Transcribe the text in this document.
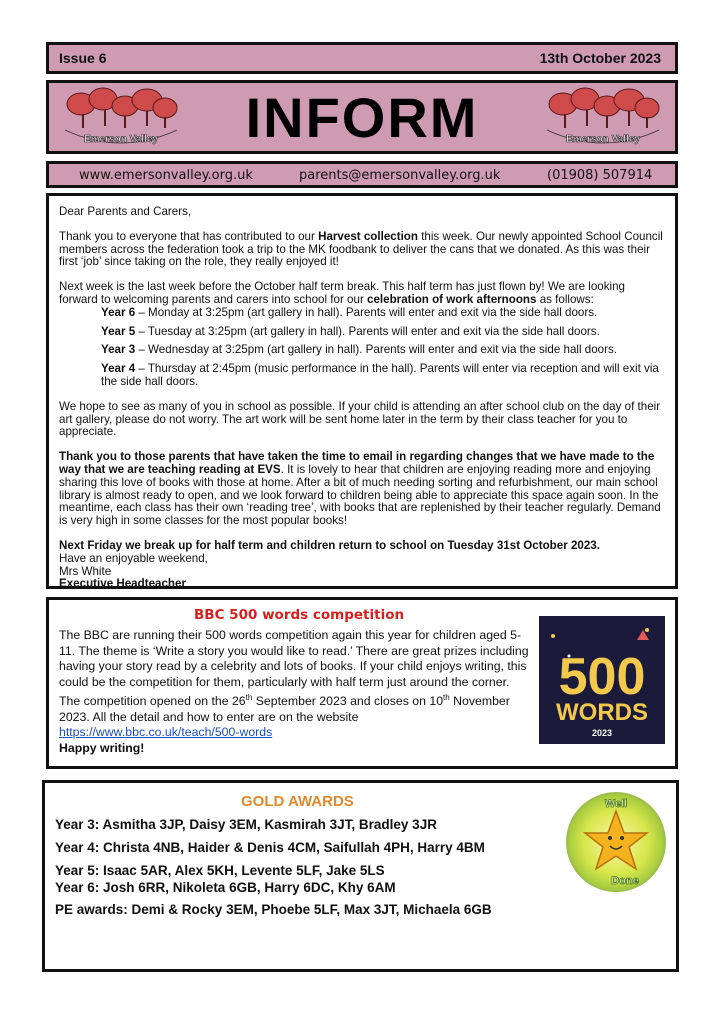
Issue 6	13th October 2023
Emerson Valley	INFORM	Emerson Valley
www.emersonvalley.org.uk	parents@emersonvalley.org.uk	(01908) 507914

Dear Parents and Carers,

Thank you to everyone that has contributed to our Harvest collection this week. Our newly appointed School Council members across the federation took a trip to the MK foodbank to deliver the cans that we donated. As this was their first ‘job’ since taking on the role, they really enjoyed it!

Next week is the last week before the October half term break. This half term has just flown by! We are looking forward to welcoming parents and carers into school for our celebration of work afternoons as follows:

Year 6 – Monday at 3:25pm (art gallery in hall). Parents will enter and exit via the side hall doors.

Year 5 – Tuesday at 3:25pm (art gallery in hall). Parents will enter and exit via the side hall doors.

Year 3 – Wednesday at 3:25pm (art gallery in hall). Parents will enter and exit via the side hall doors.

Year 4 – Thursday at 2:45pm (music performance in the hall). Parents will enter via reception and will exit via the side hall doors.

We hope to see as many of you in school as possible. If your child is attending an after school club on the day of their art gallery, please do not worry. The art work will be sent home later in the term by their class teacher for you to appreciate.

Thank you to those parents that have taken the time to email in regarding changes that we have made to the way that we are teaching reading at EVS. It is lovely to hear that children are enjoying reading more and enjoying sharing this love of books with those at home. After a bit of much needing sorting and refurbishment, our main school library is almost ready to open, and we look forward to children being able to appreciate this space again soon. In the meantime, each class has their own ‘reading tree’, with books that are replenished by their teacher regularly. Demand is very high in some classes for the most popular books!

Next Friday we break up for half term and children return to school on Tuesday 31st October 2023.

Have an enjoyable weekend,

Mrs White

Executive Headteacher

BBC 500 words competition
The BBC are running their 500 words competition again this year for children aged 5-11. The theme is ‘Write a story you would like to read.’ There are great prizes including having your story read by a celebrity and lots of books. If your child enjoys writing, this could be the competition for them, particularly with half term just around the corner. The competition opened on the 26th September 2023 and closes on 10th November 2023. All the detail and how to enter are on the website https://www.bbc.co.uk/teach/500-words
Happy writing!
500
WORDS
2023
GOLD AWARDS
Year 3: Asmitha 3JP, Daisy 3EM, Kasmirah 3JT, Bradley 3JR
Year 4: Christa 4NB, Haider & Denis 4CM, Saifullah 4PH, Harry 4BM
Year 5: Isaac 5AR, Alex 5KH, Levente 5LF, Jake 5LS
Year 6: Josh 6RR, Nikoleta 6GB, Harry 6DC, Khy 6AM
PE awards: Demi & Rocky 3EM, Phoebe 5LF, Max 3JT, Michaela 6GB
Well
Done
